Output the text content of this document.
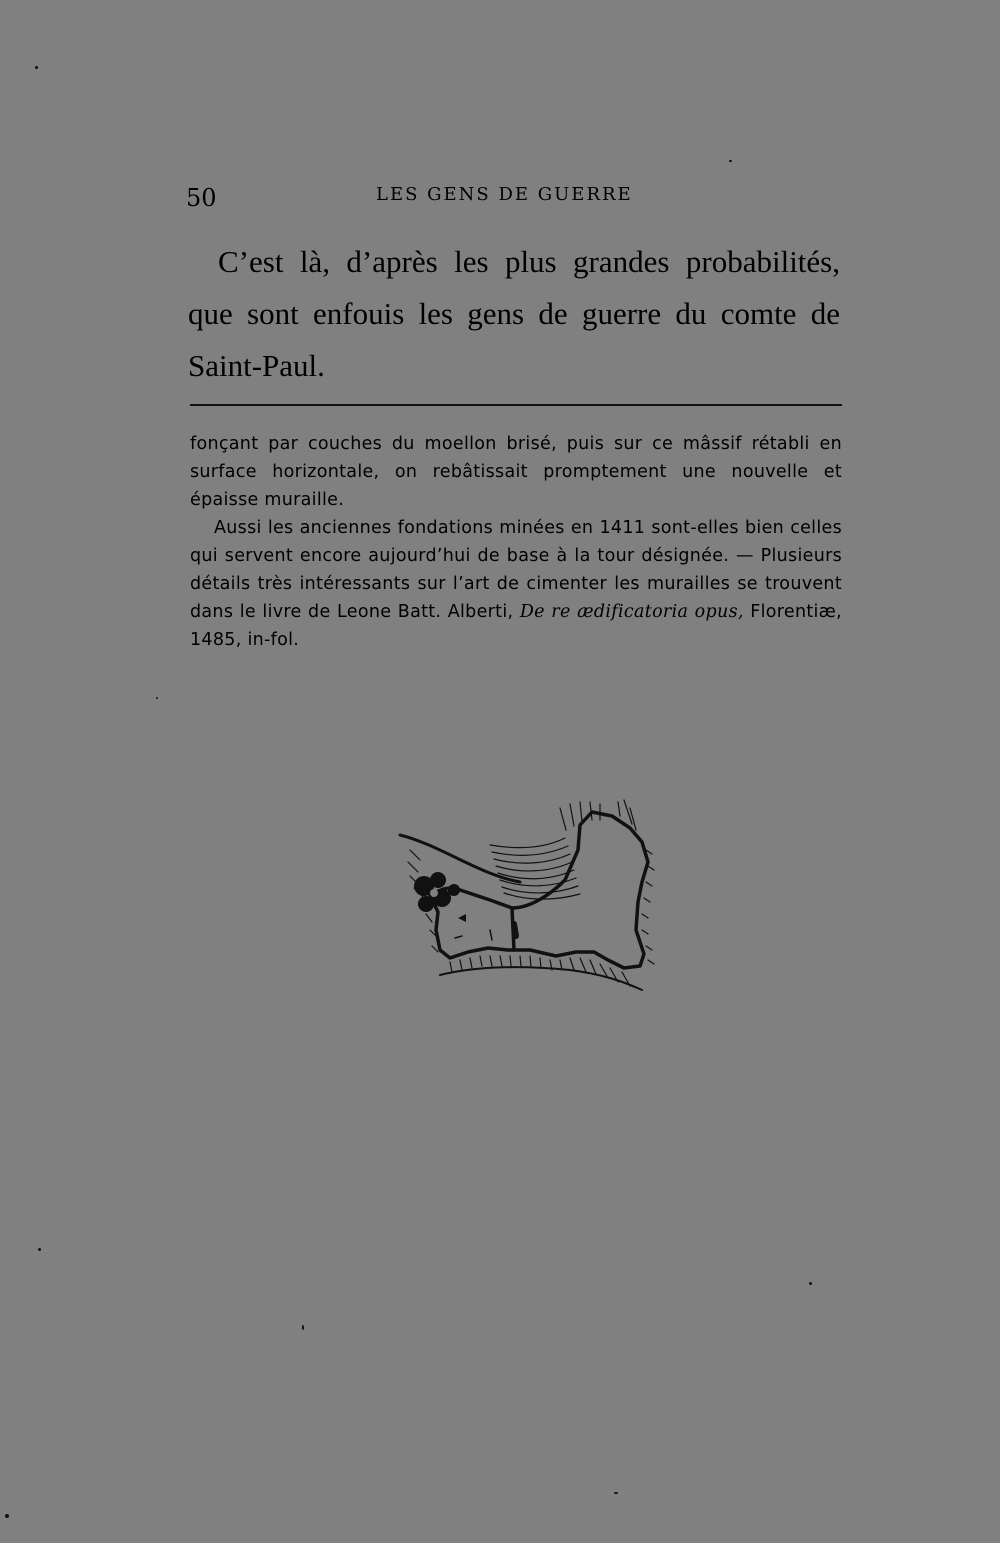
50	LES GENS DE GUERRE

C’est là, d’après les plus grandes probabilités, que sont enfouis les gens de guerre du comte de Saint-Paul.

fonçant par couches du moellon brisé, puis sur ce mâssif rétabli en surface horizontale, on rebâtissait promptement une nouvelle et épaisse muraille.

Aussi les anciennes fondations minées en 1411 sont-elles bien celles qui servent encore aujourd’hui de base à la tour désignée. — Plusieurs détails très intéressants sur l’art de cimenter les murailles se trouvent dans le livre de Leone Batt. Alberti, De re ædificatoria opus, Florentiæ, 1485, in-fol.
